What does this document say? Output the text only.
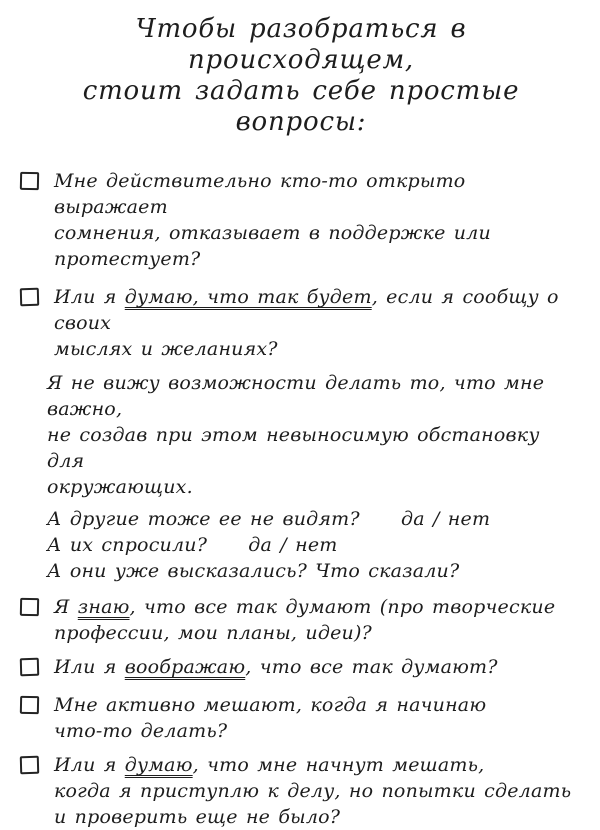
Чтобы разобраться в происходящем,
стоит задать себе простые вопросы:
Мне действительно кто-то открыто выражает
сомнения, отказывает в поддержке или протестует?
Или я думаю, что так будет, если я сообщу о своих
мыслях и желаниях?
Я не вижу возможности делать то, что мне важно,
не создав при этом невыносимую обстановку для
окружающих.
А другие тоже ее не видят?     да / нет
А их спросили?     да / нет
А они уже высказались? Что сказали?
Я знаю, что все так думают (про творческие
профессии, мои планы, идеи)?
Или я воображаю, что все так думают?
Мне активно мешают, когда я начинаю
что-то делать?
Или я думаю, что мне начнут мешать,
когда я приступлю к делу, но попытки сделать
и проверить еще не было?
